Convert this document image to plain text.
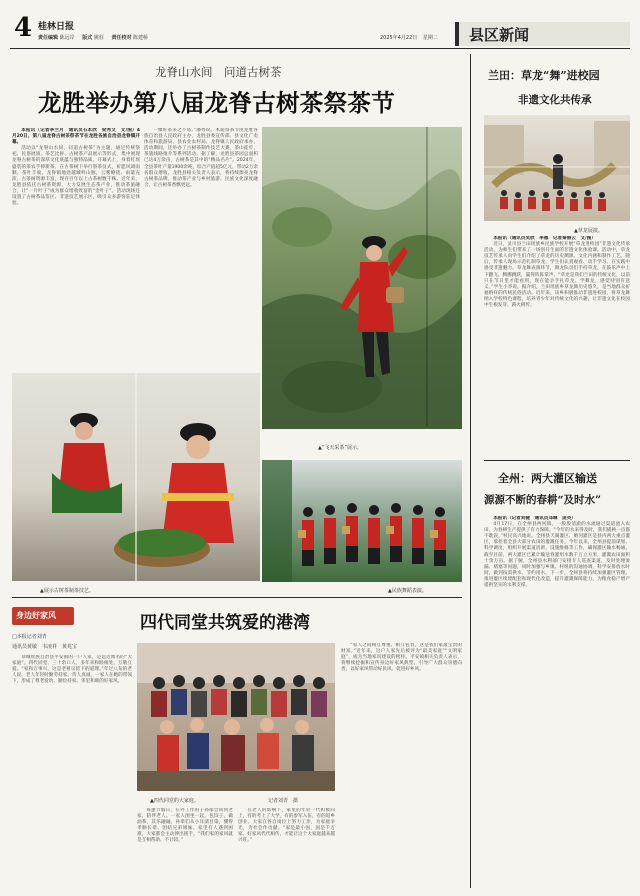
4 桂林日报
责任编辑 陈远岸 版式 姚莊 责任校对 陈建桥	2025年4月22日 星期二 县区新闻
龙脊山水间　问道古树茶
龙胜举办第八届龙脊古树茶祭茶节

本报讯（记者李兰月　通讯员石本欣　梁秀文　文/图）4月20日，第八届龙脊古树茶祭茶节在龙胜各族自治县龙脊镇开幕。

活动以“龙脊山水间，问道古树茶”为主题，通过传统祭祀、民俗展演、茶艺比拼、古树茶产品展示等形式，集中展现龙脊古树茶的深厚文化底蕴与独特品质。开幕式上，身着红瑶盛装的茶农手捧新茶，在古茶树下举行祭茶仪式，祈愿风调雨顺、茶叶丰收。龙脊镇地处越城岭山脉，云雾缭绕、雨量充沛，古茶树资源丰富，现存百年以上古茶树数千株。近年来，龙胜县依托古树茶资源，大力发展生态茶产业，推动茶旅融合，让“一片叶子”成为群众增收致富的“金叶子”。活动现场还设置了古树茶品鉴区、非遗技艺展示区，吸引众多游客驻足体验。

一棵好茶来之不易。”潘秀说。本届祭茶节由龙胜各族自治县人民政府主办，龙胜县委宣传部、县文化广电体育和旅游局、县农业农村局、龙脊镇人民政府承办。活动期间，还举办了古树茶制作技艺大赛、茶山徒步、茶旅线路推介等系列活动。据了解，龙胜县茶园总面积已达4万余亩，古树茶是其中的“精品名片”。2024年，全县茶叶产量1900余吨，综合产值超5亿元，带动2万余名群众增收。龙胜县相关负责人表示，将持续擦亮龙脊古树茶品牌，推动茶产业与乡村旅游、民族文化深度融合，让古树茶香飘更远。

▲“飞天采茶”展示。
▲展示古树茶制茶技艺。	▲民族舞蹈表演。
身边好家风
□本报记者刘青
通讯员黄敏　韦凌祥　黄兆宝
四代同堂共筑爱的港湾

恭城瑶族自治县平安镇的一户人家，是远近闻名的“大家庭”。四代同堂，三十余口人，多年来和睦相处、互敬互爱。“家和万事兴，这是老祖宗留下的道理。”年过八旬的老人说。老人年轻时勤劳持家，待人真诚，一家人在她的带领下，形成了尊老爱幼、勤俭持家、邻里和睦的好家风。

▲四代同堂的大家庭。	记者刘青　摄

每逢节假日，在外工作的子孙都会回到老家，陪伴老人。一家人围坐一起，包饺子、做油茶，其乐融融。孙辈们从小耳濡目染，懂得孝顺长辈、团结兄弟姐妹。家里有人遇到困难，大家都会主动伸出援手。“我们家的家风就是互相帮助、不计较。”

在老人的影响下，家里的年轻一代积极向上，有的考上了大学，有的参军入伍，有的返乡创业。大家在各自岗位上努力工作，为家庭争光，为社会作贡献。“家是最小国，国是千万家。好家风代代相传，才能让这个大家庭越来越兴旺。”

“家人之间相互尊重、相互包容，这是我们家最宝贵的财富。”近年来，这户人家先后被评为“最美家庭”“文明家庭”，成为当地家风建设的榜样。平安镇相关负责人表示，将继续挖掘和宣传身边好家风典型，引导广大群众崇德向善，以好家风带动好民风、促进好乡风。

兰田：草龙“舞”进校园
非遗文化共传承
▲草龙展演。

本报讯（通讯员吴欣　李惠　记者秦丽云　文/图）

近日，灵川县兰田瑶族乡民族学校开展“草龙进校园”非遗文化传承活动，为师生们带来了一场别开生面的非遗文化体验课。活动中，草龙技艺传承人向学生们介绍了草龙的历史渊源、文化内涵和制作工艺。随后，传承人现场示范扎制草龙，学生们认真观看、动手学习，在实践中感受非遗魅力。草龙舞表演环节，舞龙队员们手持草龙，在鼓乐声中上下翻飞、腾挪跳跃，赢得阵阵掌声。“草龙是我们兰田的传统文化，以前只在节日里才能看到，现在能亲手扎草龙、学舞龙，感觉特别有意义。”学生小李说。据介绍，兰田瑶族乡草龙舞历史悠久，是当地群众祈福纳祥的传统民俗活动。近年来，该乡积极推动非遗进校园，将草龙舞纳入学校特色课程，培养青少年对传统文化的兴趣，让非遗文化在校园中生根发芽、薪火相传。

全州：两大灌区输送
源源不断的春耕“及时水”

本报讯（记者刘健　通讯员邓琳　庞英）

4月17日，在全州县两河镇，一股股清澈的水流通过渠道流入农田，为春耕生产提供了有力保障。“今年的水来得及时，我们插秧一点都不耽误。”村民高兴地说。全州县天湖灌区、磨河灌区是县内两大重点灌区，承担着全县大部分农田的灌溉任务。今年以来，全州县提前谋划、科学调度，组织开展渠道清淤、设施维修等工作，确保灌区输水畅通。截至目前，两大灌区已累计输送春灌用水数千万立方米，灌溉农田面积十余万亩。据了解，全州县水利部门安排专人巡查渠道，及时处理渗漏、堵塞等问题，同时加强与乡镇、村组的沟通协调，科学安排放水时间，做到按需供水、节约用水。下一步，全州县将持续加强灌区管理，推进灌区续建配套和现代化改造，提升灌溉保障能力，为粮食稳产增产提供坚实的水利支撑。
